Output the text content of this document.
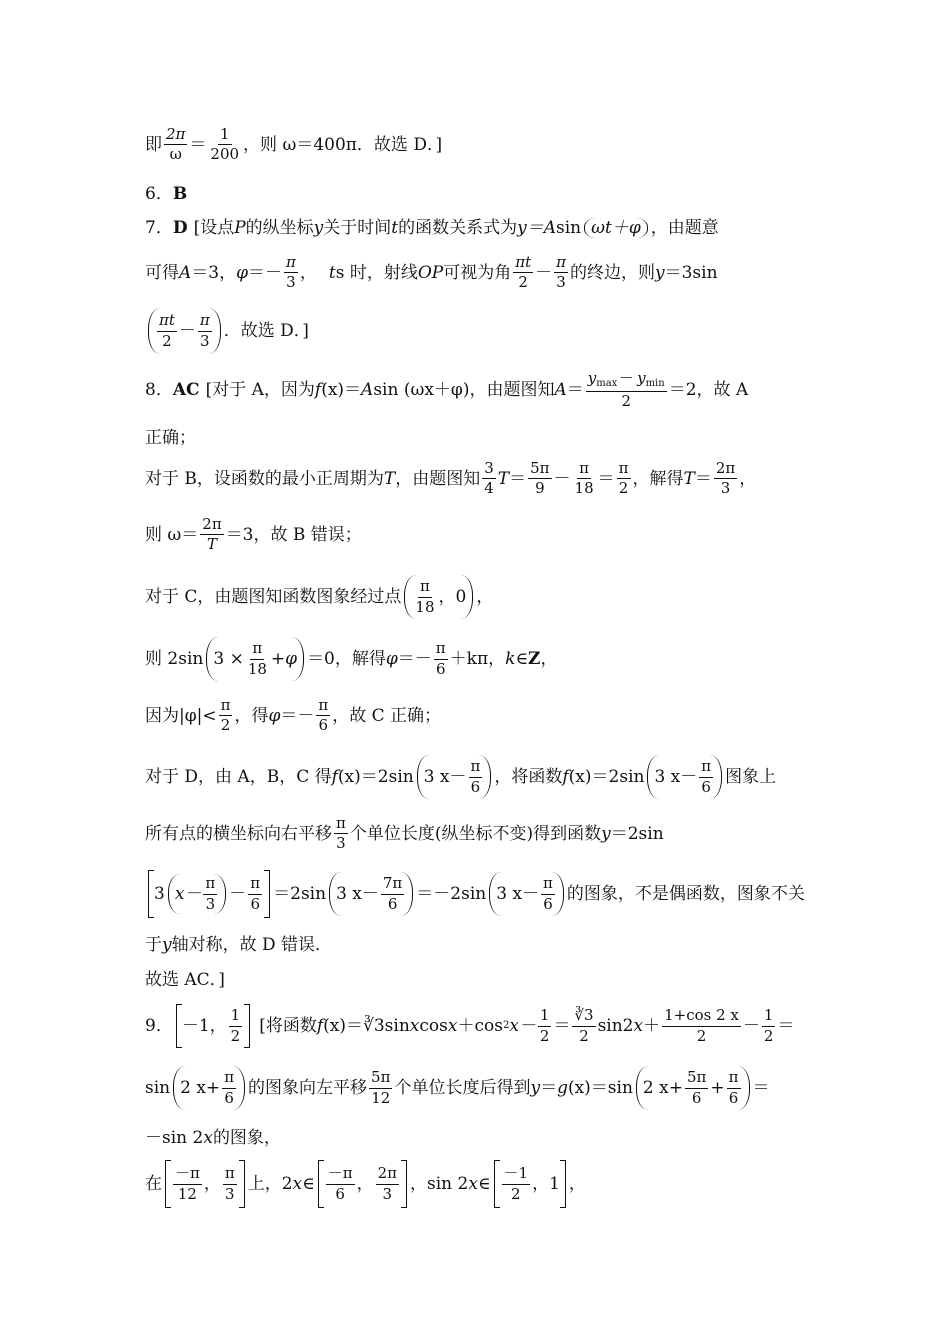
即 $\frac{2\pi}{\omega} = \frac{1}{200}$ ，则 ω＝400π．故选 D．]
6． B
7． D [设点 P 的纵坐标 y 关于时间 t 的函数关系式为 y＝ A sin ωt＋φ ，由题意
可得 A ＝3， $\varphi =- \frac{\pi}{3}$ ， t s 时，射线 OP 可视为角 $\frac{\pi t}{2} - \frac{\pi}{3}$ 的终边，则 y ＝3sin
$\frac{\pi t}{2} - \frac{\pi}{3}$ ．故选 D．]
8． AC [对于 A，因为 f (x)＝ A sin (ωx＋φ)，由题图知 $A = \frac{y_{max}- y_{min}}{2} =2$，故 A
正确；
对于 B，设函数的最小正周期为 T ，由题图知 $\frac{3}{4}$ $T = \frac{5\pi}{9} - \frac{\pi}{18} = \frac{\pi}{2}$ ，解得 $T = \frac{2\pi}{3}$ ，
则 $\omega= \frac{2\pi}{T} =3$，故 B 错误；
对于 C，由题图知函数图象经过点 $\frac{\pi}{18}$ ，0 ，
则 2sin $3 \times \frac{\pi}{18} +\varphi =0$，解得 $\varphi =- \frac{\pi}{6} +k\pi$， k ∈ Z ，
因为$|\varphi|< \frac{\pi}{2}$ ，得 $\varphi =- \frac{\pi}{6}$ ，故 C 正确；
对于 D，由 A，B，C 得 f (x)＝2sin 3 $x- \frac{\pi}{6}$ ，将函数 f (x)＝2sin 3 $x- \frac{\pi}{6}$ 图象上
所有点的横坐标向右平移 $\frac{\pi}{3}$ 个单位长度(纵坐标不变)得到函数 y ＝2sin
3 $x- \frac{\pi}{3} - \frac{\pi}{6} =2\sin$ 3 $x- \frac{7\pi}{6} =-2\sin$ 3 $x- \frac{\pi}{6}$ 的图象，不是偶函数，图象不关
于 y 轴对称，故 D 错误．
故选 AC．]
9． －1， $\frac{1}{2}$ [将函数 f (x)＝ ∛3 sin x cos x ＋cos 2 $x- \frac{1}{2} = \frac{∛3}{2} \sin 2$ $x + \frac{1+\cos 2 x}{2} - \frac{1}{2}$ ＝
sin 2 $x+ \frac{\pi}{6}$ 的图象向左平移 $\frac{5\pi}{12}$ 个单位长度后得到 y ＝ g (x)＝sin 2 $x+ \frac{5\pi}{6} + \frac{\pi}{6}$ ＝
－sin 2 x 的图象，
在 $\frac{-\pi}{12}$ ， $\frac{\pi}{3}$ 上，2 x ∈ $\frac{-\pi}{6}$ ， $\frac{2\pi}{3}$ ，sin 2 x ∈ $\frac{-1}{2}$ ，1 ，
